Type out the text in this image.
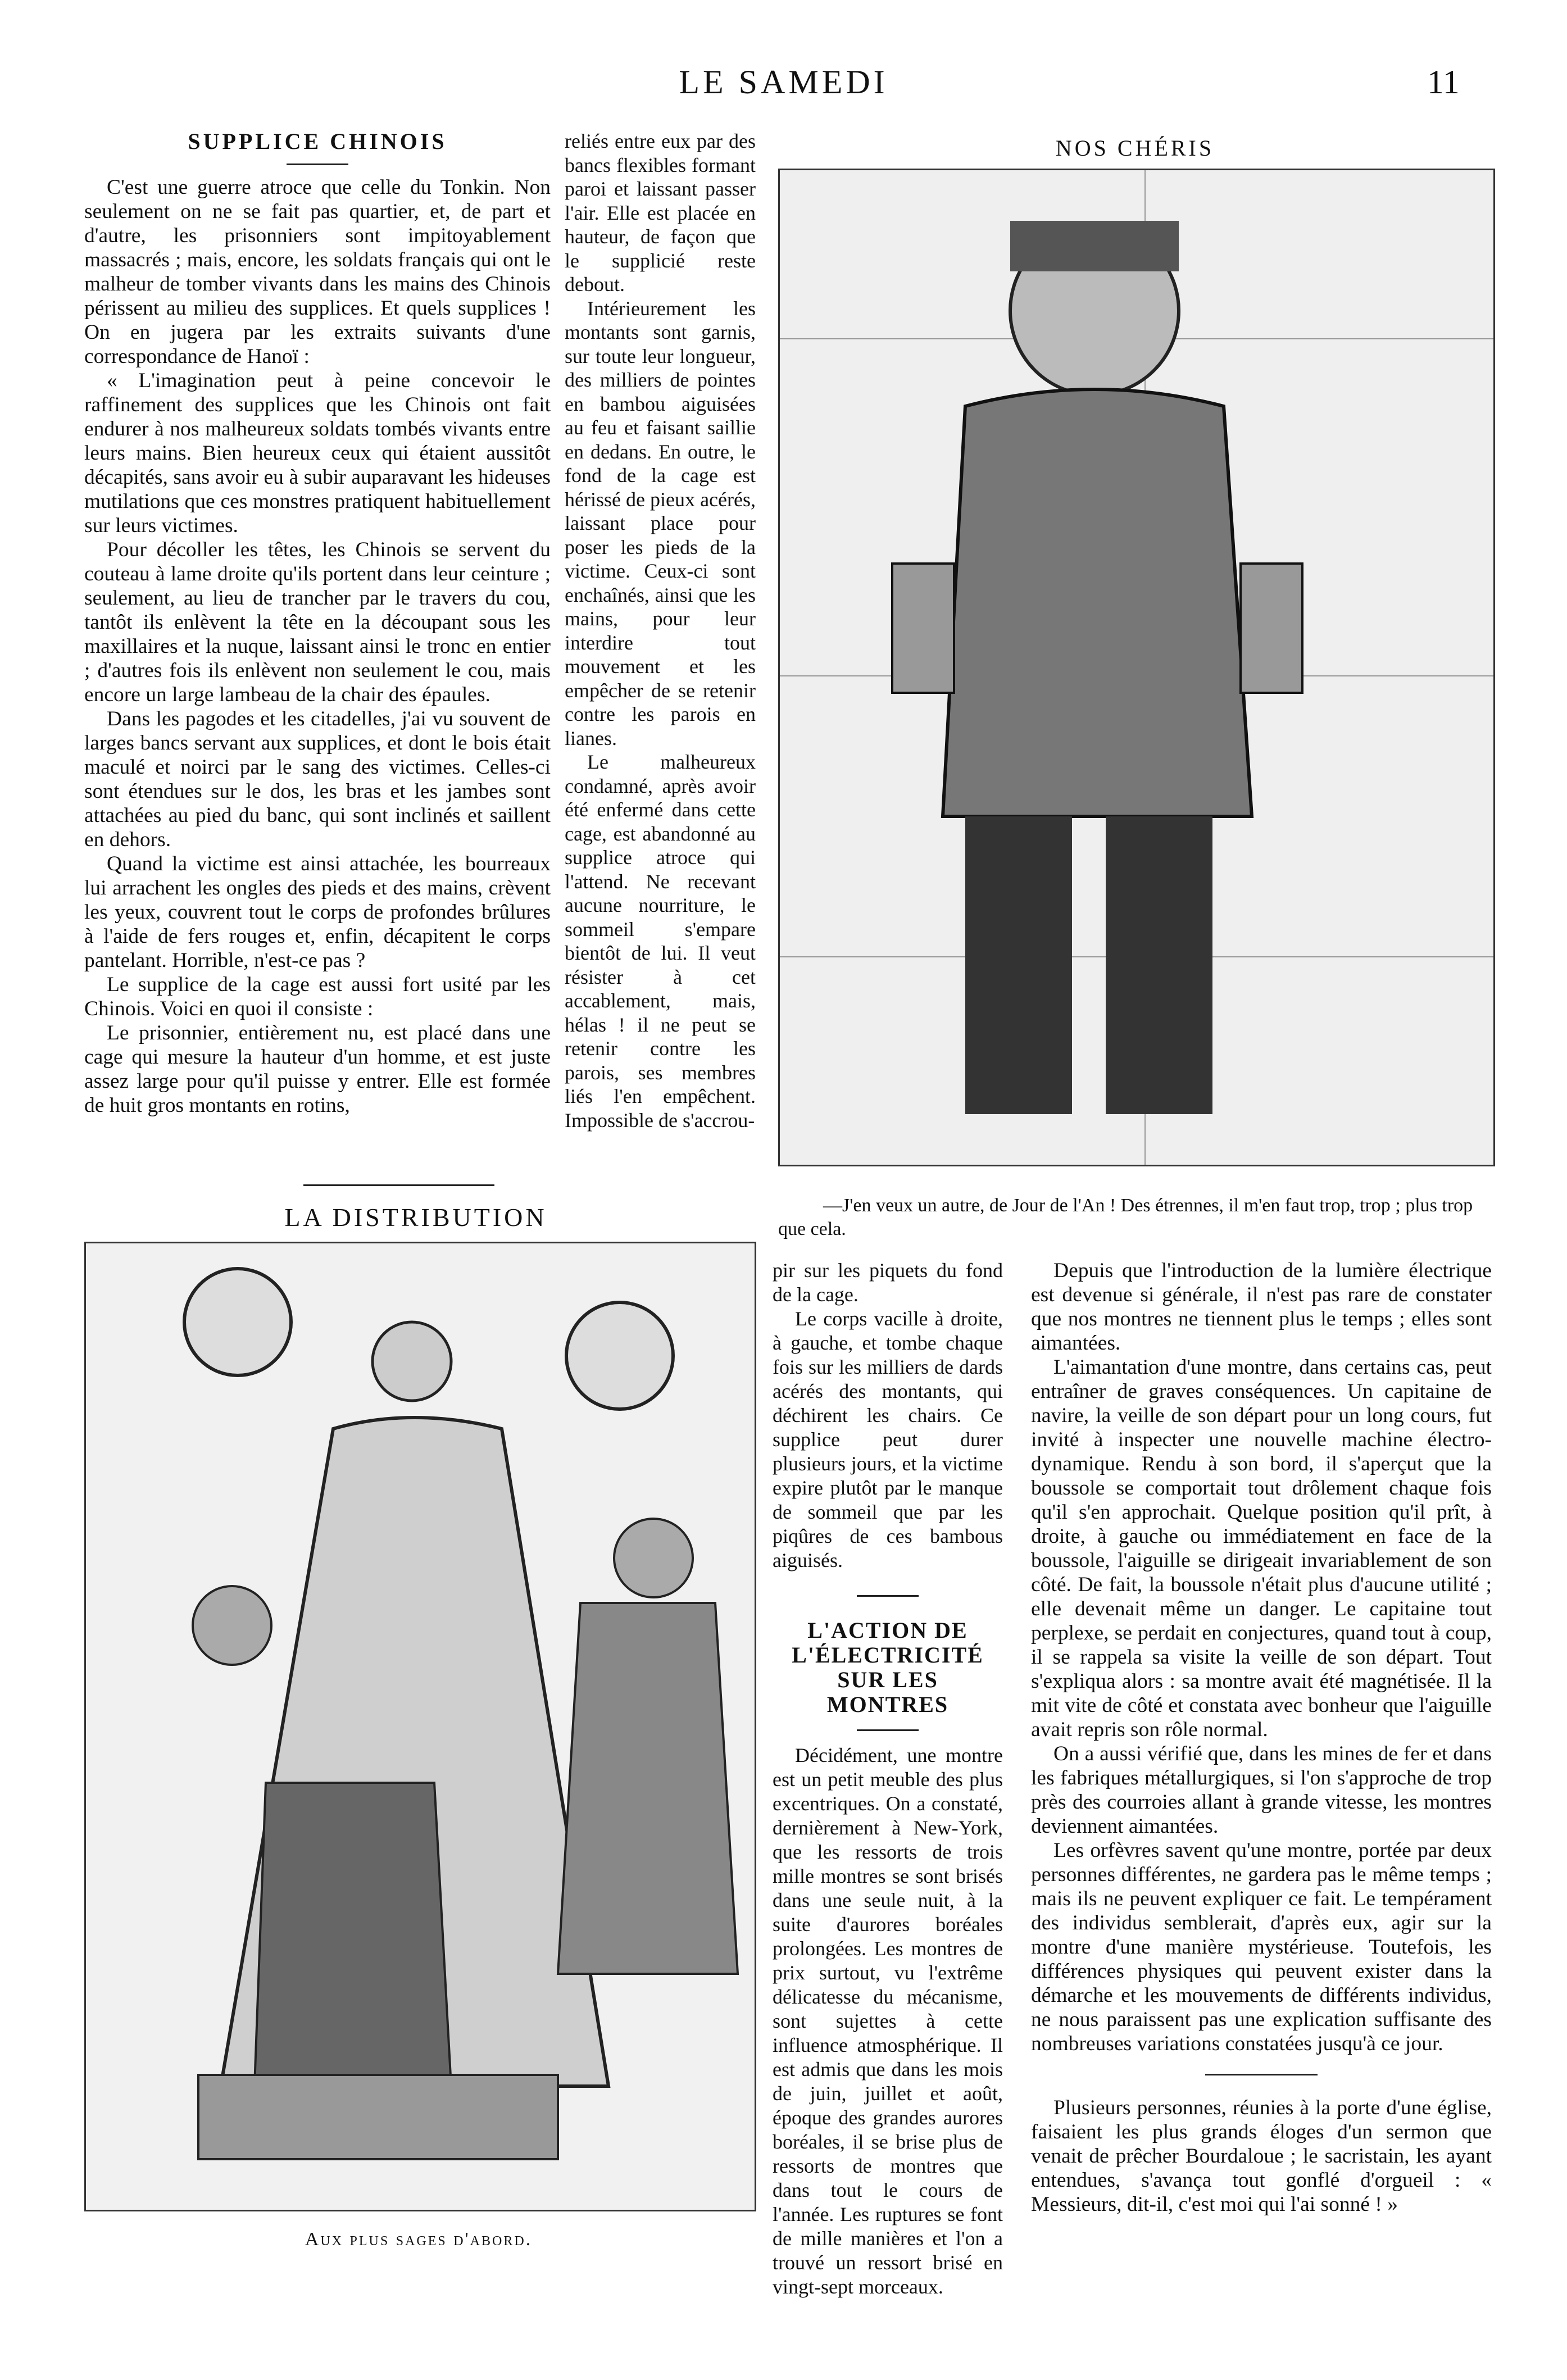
LE SAMEDI	11
SUPPLICE CHINOIS

C'est une guerre atroce que celle du Tonkin. Non seulement on ne se fait pas quartier, et, de part et d'autre, les prisonniers sont impitoyablement massacrés ; mais, encore, les soldats français qui ont le malheur de tomber vivants dans les mains des Chinois périssent au milieu des supplices. Et quels supplices ! On en jugera par les extraits suivants d'une correspondance de Hanoï :

« L'imagination peut à peine concevoir le raffinement des supplices que les Chinois ont fait endurer à nos malheureux soldats tombés vivants entre leurs mains. Bien heureux ceux qui étaient aussitôt décapités, sans avoir eu à subir auparavant les hideuses mutilations que ces monstres pratiquent habituellement sur leurs victimes.

Pour décoller les têtes, les Chinois se servent du couteau à lame droite qu'ils portent dans leur ceinture ; seulement, au lieu de trancher par le travers du cou, tantôt ils enlèvent la tête en la découpant sous les maxillaires et la nuque, laissant ainsi le tronc en entier ; d'autres fois ils enlèvent non seulement le cou, mais encore un large lambeau de la chair des épaules.

Dans les pagodes et les citadelles, j'ai vu souvent de larges bancs servant aux supplices, et dont le bois était maculé et noirci par le sang des victimes. Celles-ci sont étendues sur le dos, les bras et les jambes sont attachées au pied du banc, qui sont inclinés et saillent en dehors.

Quand la victime est ainsi attachée, les bourreaux lui arrachent les ongles des pieds et des mains, crèvent les yeux, couvrent tout le corps de profondes brûlures à l'aide de fers rouges et, enfin, décapitent le corps pantelant. Horrible, n'est-ce pas ?

Le supplice de la cage est aussi fort usité par les Chinois. Voici en quoi il consiste :

Le prisonnier, entièrement nu, est placé dans une cage qui mesure la hauteur d'un homme, et est juste assez large pour qu'il puisse y entrer. Elle est formée de huit gros montants en rotins,

reliés entre eux par des bancs flexibles formant paroi et laissant passer l'air. Elle est placée en hauteur, de façon que le supplicié reste debout.

Intérieurement les montants sont garnis, sur toute leur longueur, des milliers de pointes en bambou aiguisées au feu et faisant saillie en dedans. En outre, le fond de la cage est hérissé de pieux acérés, laissant place pour poser les pieds de la victime. Ceux-ci sont enchaînés, ainsi que les mains, pour leur interdire tout mouvement et les empêcher de se retenir contre les parois en lianes.

Le malheureux condamné, après avoir été enfermé dans cette cage, est abandonné au supplice atroce qui l'attend. Ne recevant aucune nourriture, le sommeil s'empare bientôt de lui. Il veut résister à cet accablement, mais, hélas ! il ne peut se retenir contre les parois, ses membres liés l'en empêchent. Impossible de s'accrou-

NOS CHÉRIS
—J'en veux un autre, de Jour de l'An ! Des étrennes, il m'en faut trop, trop ; plus trop que cela.
LA DISTRIBUTION
Aux plus sages d'abord.

pir sur les piquets du fond de la cage.

Le corps vacille à droite, à gauche, et tombe chaque fois sur les milliers de dards acérés des montants, qui déchirent les chairs. Ce supplice peut durer plusieurs jours, et la victime expire plutôt par le manque de sommeil que par les piqûres de ces bambous aiguisés.

L'ACTION DE L'ÉLECTRICITÉ SUR LES MONTRES

Décidément, une montre est un petit meuble des plus excentriques. On a constaté, dernièrement à New-York, que les ressorts de trois mille montres se sont brisés dans une seule nuit, à la suite d'aurores boréales prolongées. Les montres de prix surtout, vu l'extrême délicatesse du mécanisme, sont sujettes à cette influence atmosphérique. Il est admis que dans les mois de juin, juillet et août, époque des grandes aurores boréales, il se brise plus de ressorts de montres que dans tout le cours de l'année. Les ruptures se font de mille manières et l'on a trouvé un ressort brisé en vingt-sept morceaux.

Depuis que l'introduction de la lumière électrique est devenue si générale, il n'est pas rare de constater que nos montres ne tiennent plus le temps ; elles sont aimantées.

L'aimantation d'une montre, dans certains cas, peut entraîner de graves conséquences. Un capitaine de navire, la veille de son départ pour un long cours, fut invité à inspecter une nouvelle machine électro-dynamique. Rendu à son bord, il s'aperçut que la boussole se comportait tout drôlement chaque fois qu'il s'en approchait. Quelque position qu'il prît, à droite, à gauche ou immédiatement en face de la boussole, l'aiguille se dirigeait invariablement de son côté. De fait, la boussole n'était plus d'aucune utilité ; elle devenait même un danger. Le capitaine tout perplexe, se perdait en conjectures, quand tout à coup, il se rappela sa visite la veille de son départ. Tout s'expliqua alors : sa montre avait été magnétisée. Il la mit vite de côté et constata avec bonheur que l'aiguille avait repris son rôle normal.

On a aussi vérifié que, dans les mines de fer et dans les fabriques métallurgiques, si l'on s'approche de trop près des courroies allant à grande vitesse, les montres deviennent aimantées.

Les orfèvres savent qu'une montre, portée par deux personnes différentes, ne gardera pas le même temps ; mais ils ne peuvent expliquer ce fait. Le tempérament des individus semblerait, d'après eux, agir sur la montre d'une manière mystérieuse. Toutefois, les différences physiques qui peuvent exister dans la démarche et les mouvements de différents individus, ne nous paraissent pas une explication suffisante des nombreuses variations constatées jusqu'à ce jour.

Plusieurs personnes, réunies à la porte d'une église, faisaient les plus grands éloges d'un sermon que venait de prêcher Bourdaloue ; le sacristain, les ayant entendues, s'avança tout gonflé d'orgueil : « Messieurs, dit-il, c'est moi qui l'ai sonné ! »
